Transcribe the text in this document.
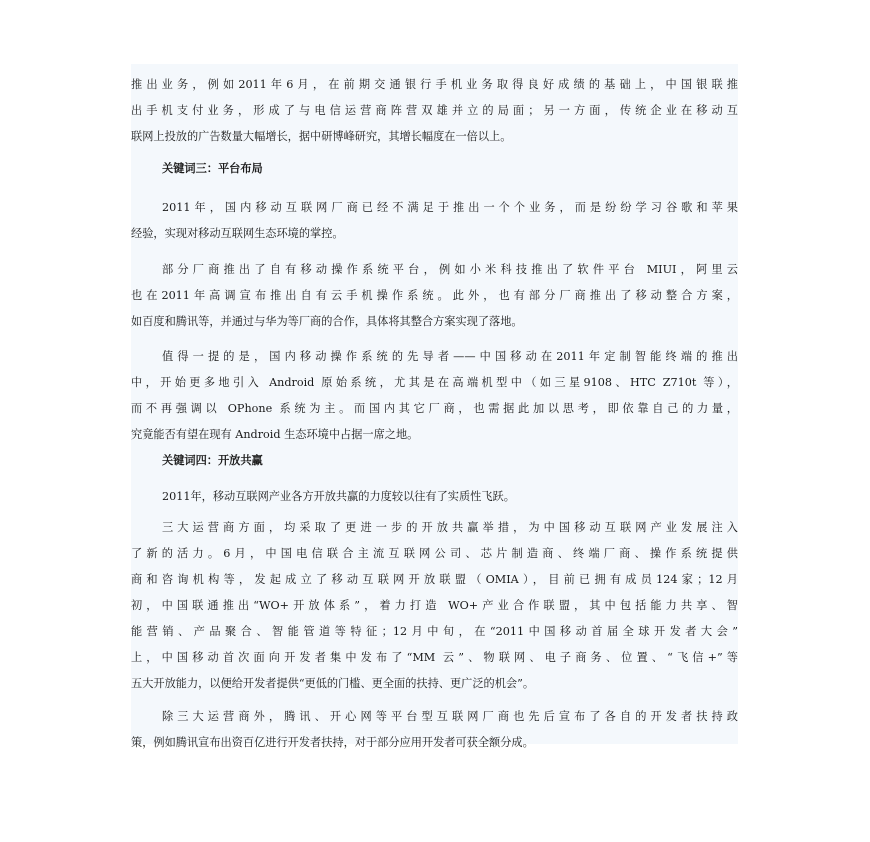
推出业务，例如2011年6月，在前期交通银行手机业务取得良好成绩的基础上，中国银联推
出手机支付业务，形成了与电信运营商阵营双雄并立的局面；另一方面，传统企业在移动互
联网上投放的广告数量大幅增长，据中研博峰研究，其增长幅度在一倍以上。
关键词三：平台布局
2011年，国内移动互联网厂商已经不满足于推出一个个业务，而是纷纷学习谷歌和苹果
经验，实现对移动互联网生态环境的掌控。
部分厂商推出了自有移动操作系统平台，例如小米科技推出了软件平台 MIUI，阿里云
也在2011年高调宣布推出自有云手机操作系统。此外，也有部分厂商推出了移动整合方案，
如百度和腾讯等，并通过与华为等厂商的合作，具体将其整合方案实现了落地。
值得一提的是，国内移动操作系统的先导者——中国移动在2011年定制智能终端的推出
中，开始更多地引入 Android 原始系统，尤其是在高端机型中（如三星9108、HTC Z710t 等），
而不再强调以 OPhone 系统为主。而国内其它厂商，也需据此加以思考，即依靠自己的力量，
究竟能否有望在现有 Android 生态环境中占据一席之地。
关键词四：开放共赢
2011年，移动互联网产业各方开放共赢的力度较以往有了实质性飞跃。
三大运营商方面，均采取了更进一步的开放共赢举措，为中国移动互联网产业发展注入
了新的活力。6月，中国电信联合主流互联网公司、芯片制造商、终端厂商、操作系统提供
商和咨询机构等，发起成立了移动互联网开放联盟（OMIA），目前已拥有成员124家；12月
初，中国联通推出“WO+开放体系”，着力打造 WO+产业合作联盟，其中包括能力共享、智
能营销、产品聚合、智能管道等特征；12月中旬，在“2011中国移动首届全球开发者大会”
上，中国移动首次面向开发者集中发布了“MM 云”、物联网、电子商务、位置、“飞信+”等
五大开放能力，以便给开发者提供“更低的门槛、更全面的扶持、更广泛的机会”。
除三大运营商外，腾讯、开心网等平台型互联网厂商也先后宣布了各自的开发者扶持政
策，例如腾讯宣布出资百亿进行开发者扶持，对于部分应用开发者可获全额分成。
